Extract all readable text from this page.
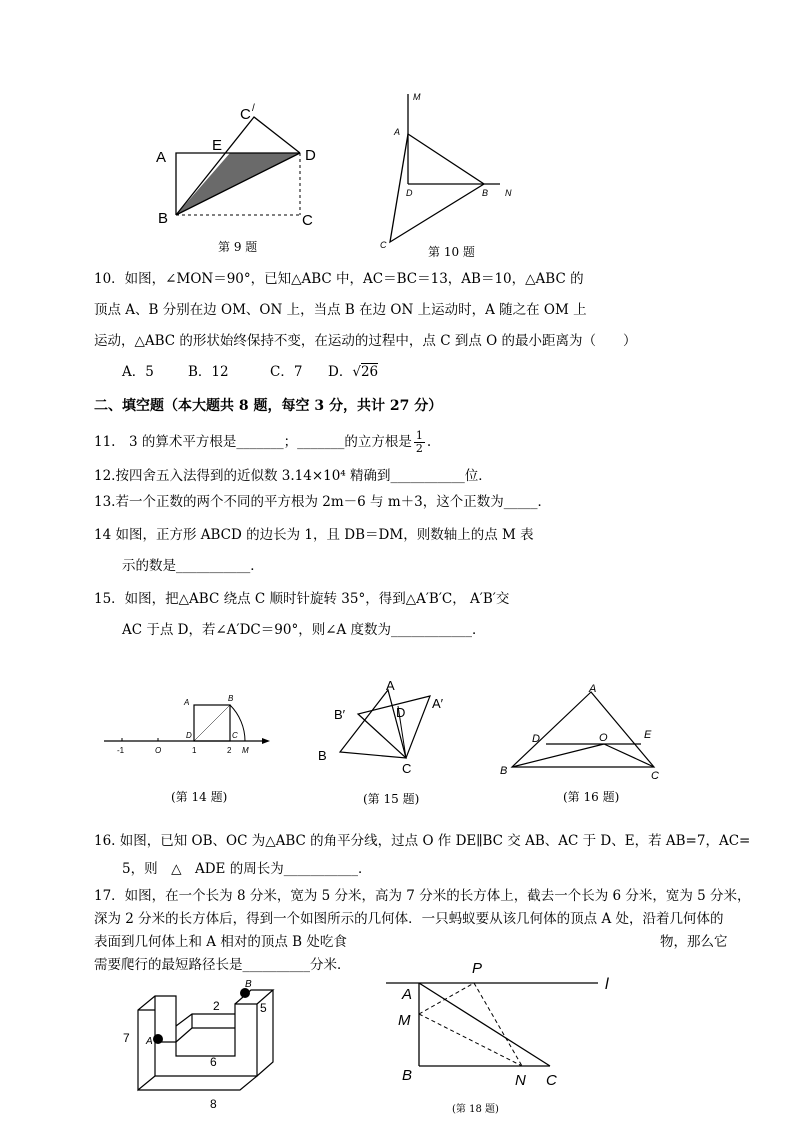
C /
A
E
D
B	C
第 9 题
M
A
D	B N
C	第 10 题
10．如图，∠MON＝90°，已知△ABC 中，AC＝BC＝13，AB＝10，△ABC 的
顶点 A、B 分别在边 OM、ON 上，当点 B 在边 ON 上运动时，A 随之在 OM 上
运动，△ABC 的形状始终保持不变，在运动的过程中，点 C 到点 O 的最小距离为（　　）
A．5	B．12	C．7 D．√26
二、填空题（本大题共 8 题，每空 3 分，共计 27 分）
11.　3 的算术平方根是_______；_______的立方根是 $\frac{1}{2}$ .
12.按四舍五入法得到的近似数 3.14×10⁴ 精确到___________位．
13.若一个正数的两个不同的平方根为 2m－6 与 m＋3，这个正数为_____．
14 如图，正方形 ABCD 的边长为 1，且 DB＝DM，则数轴上的点 M 表
示的数是___________．
15．如图，把△ABC 绕点 C 顺时针旋转 35°，得到△A′B′C， A′B′交
AC 于点 D，若∠A′DC＝90°，则∠A 度数为____________．
A	B
D	C
-1	O	1	2 M
(第 14 题)
A
B′	D
A′
B
C
(第 15 题)
A
D	O	E
B	C
(第 16 题)
16. 如图，已知 OB、OC 为△ABC 的角平分线，过点 O 作 DE∥BC 交 AB、AC 于 D、E，若 AB=7，AC=
5，则　△　ADE 的周长为___________．
17．如图，在一个长为 8 分米，宽为 5 分米，高为 7 分米的长方体上，截去一个长为 6 分米，宽为 5 分米，
深为 2 分米的长方体后，得到一个如图所示的几何体．一只蚂蚁要从该几何体的顶点 A 处，沿着几何体的
表面到几何体上和 A 相对的顶点 B 处吃食	物，那么它
需要爬行的最短路径长是__________分米．
B
2	5
7 A
6
8
P
l
A
M
B	N C
(第 18 题)
